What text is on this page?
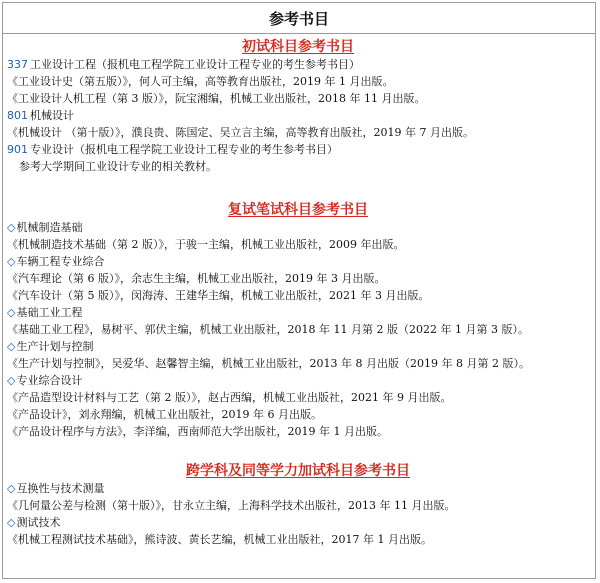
参考书目
初试科目参考书目
337 工业设计工程（报机电工程学院工业设计工程专业的考生参考书目）
《工业设计史（第五版）》，何人可主编，高等教育出版社，2019 年 1 月出版。
《工业设计人机工程（第 3 版）》，阮宝湘编，机械工业出版社，2018 年 11 月出版。
801 机械设计
《机械设计 （第十版）》，濮良贵、陈国定、吴立言主编，高等教育出版社，2019 年 7 月出版。
901 专业设计（报机电工程学院工业设计工程专业的考生参考书目）
参考大学期间工业设计专业的相关教材。
复试笔试科目参考书目
◇机械制造基础
《机械制造技术基础（第 2 版）》，于骏一主编，机械工业出版社，2009 年出版。
◇车辆工程专业综合
《汽车理论（第 6 版）》，余志生主编，机械工业出版社，2019 年 3 月出版。
《汽车设计（第 5 版）》，闵海涛、王建华主编，机械工业出版社，2021 年 3 月出版。
◇基础工业工程
《基础工业工程》，易树平、郭伏主编，机械工业出版社，2018 年 11 月第 2 版（2022 年 1 月第 3 版）。
◇生产计划与控制
《生产计划与控制》，吴爱华、赵馨智主编，机械工业出版社，2013 年 8 月出版（2019 年 8 月第 2 版）。
◇专业综合设计
《产品造型设计材料与工艺（第 2 版）》，赵占西编，机械工业出版社，2021 年 9 月出版。
《产品设计》，刘永翔编，机械工业出版社，2019 年 6 月出版。
《产品设计程序与方法》，李洋编，西南师范大学出版社，2019 年 1 月出版。
跨学科及同等学力加试科目参考书目
◇互换性与技术测量
《几何量公差与检测（第十版）》，甘永立主编，上海科学技术出版社，2013 年 11 月出版。
◇测试技术
《机械工程测试技术基础》，熊诗波、黄长艺编，机械工业出版社，2017 年 1 月出版。
